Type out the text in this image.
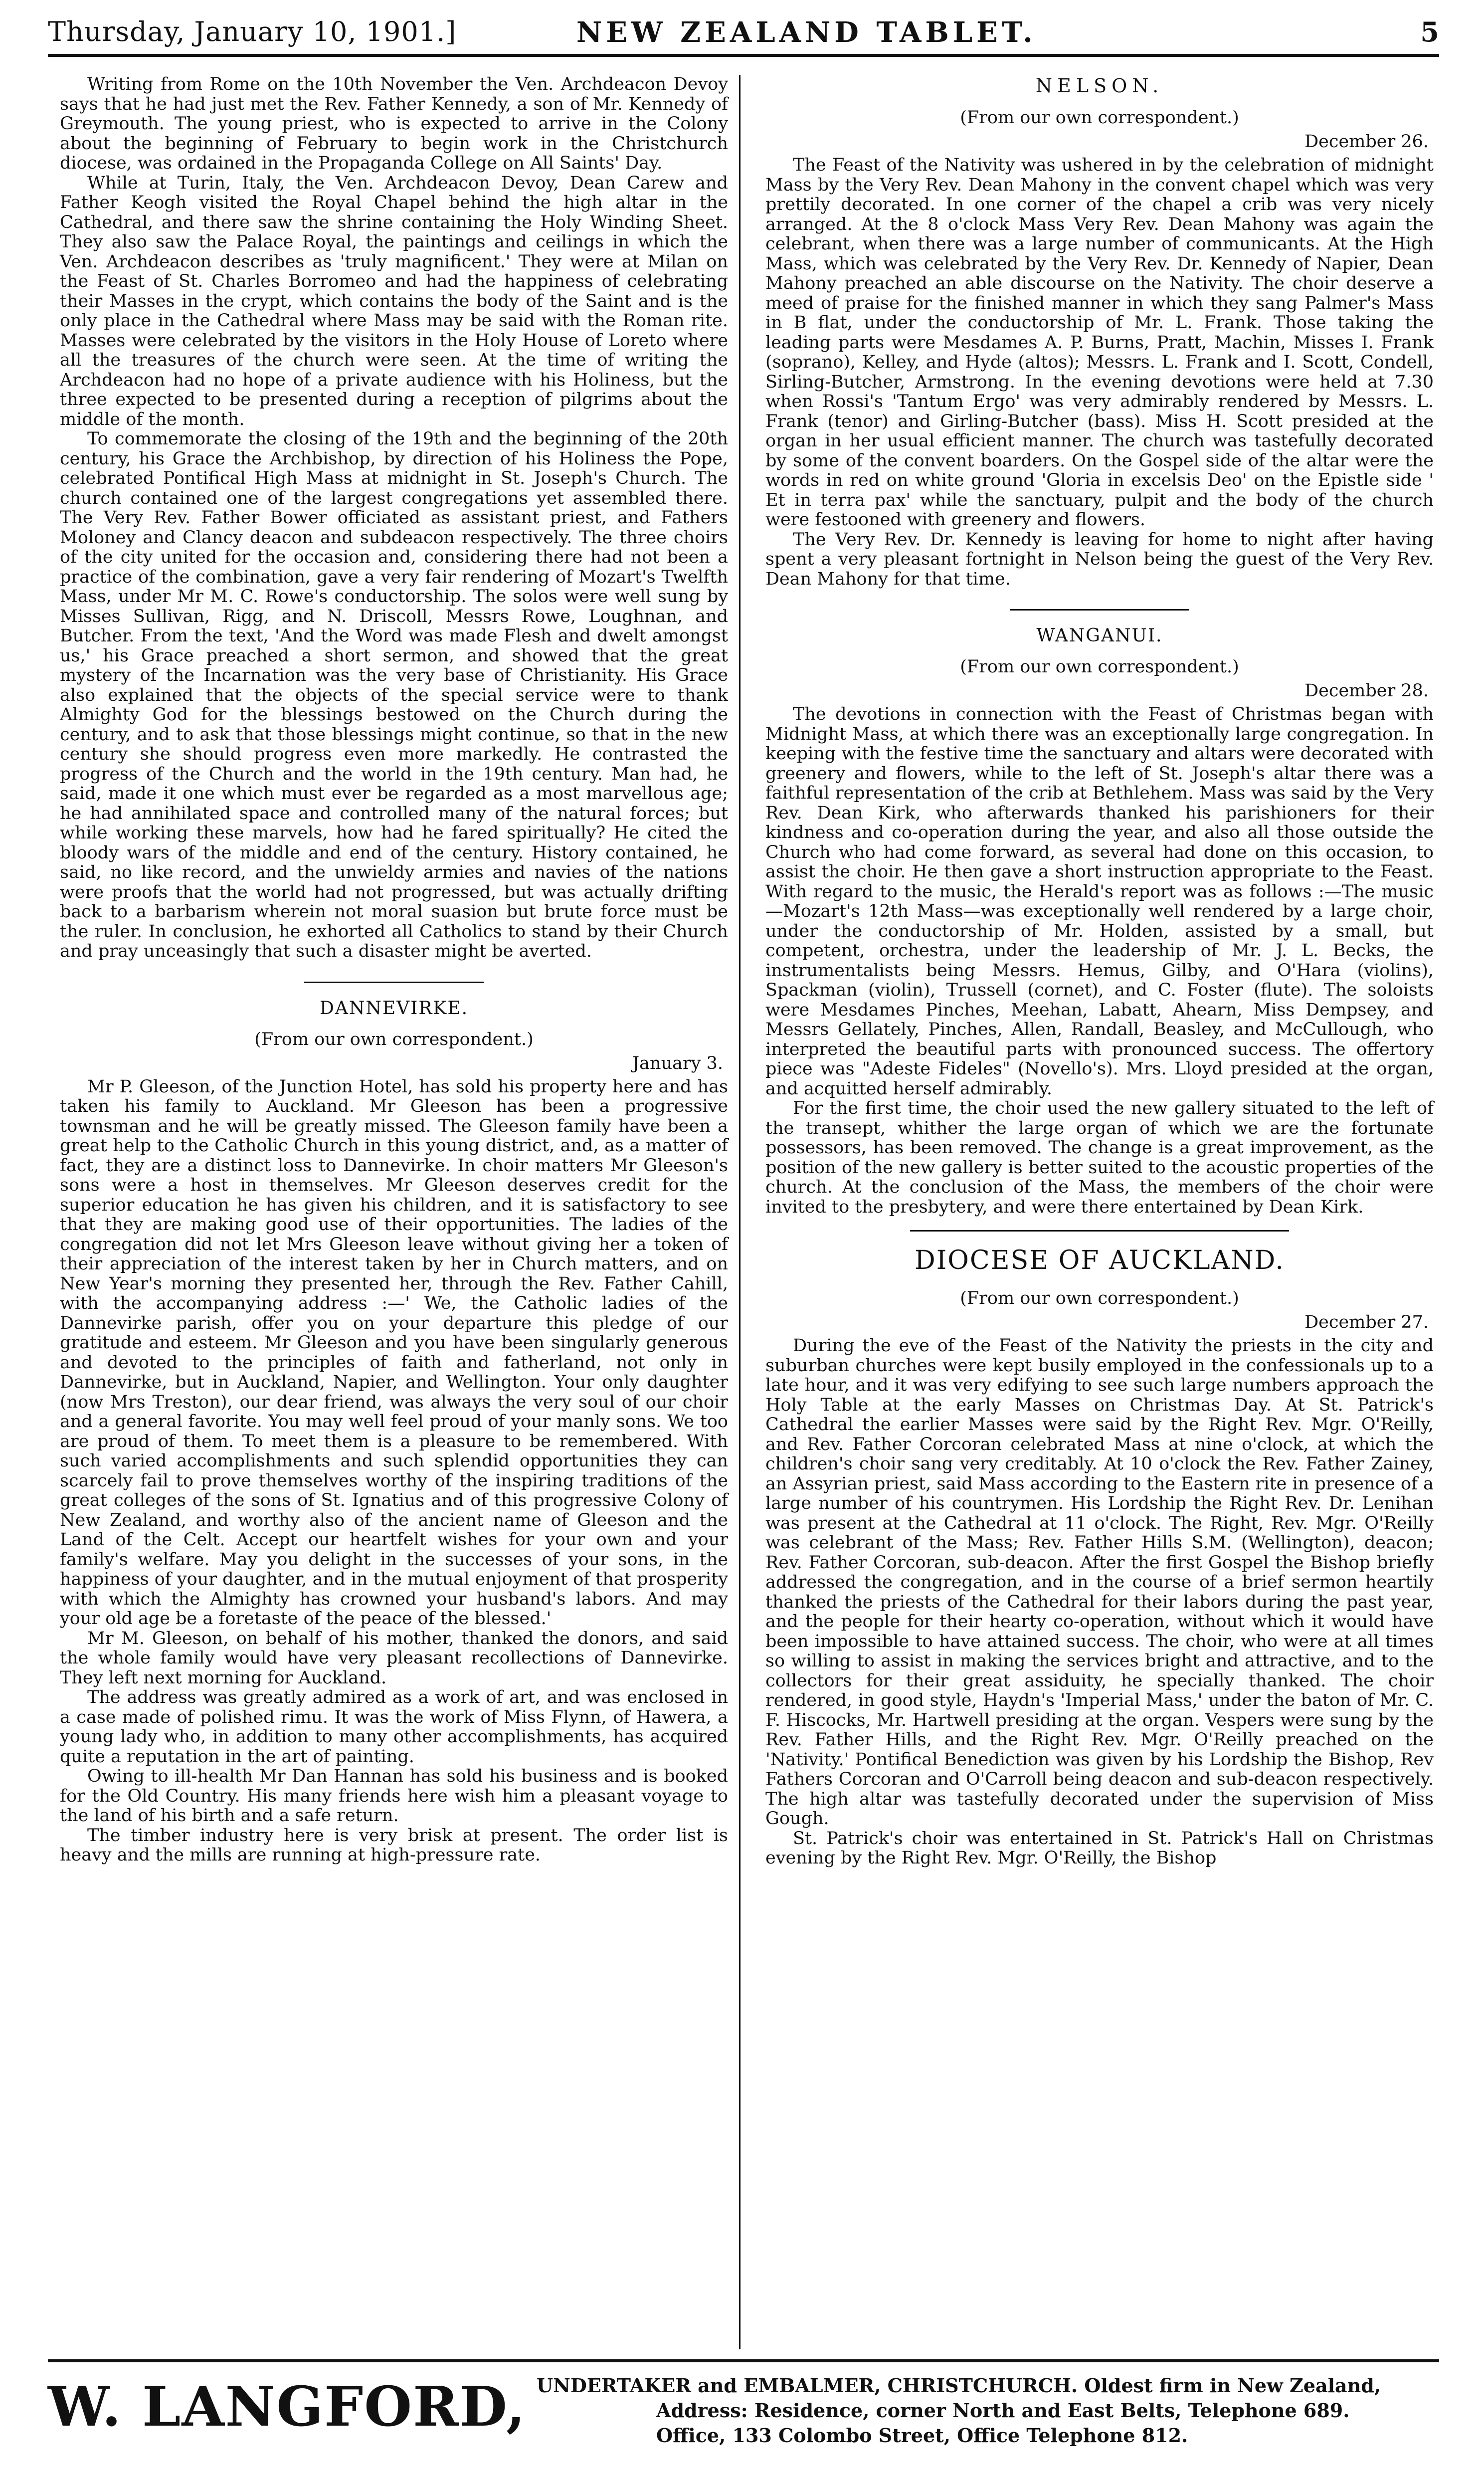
Thursday, January 10, 1901.]	NEW ZEALAND TABLET.	5

Writing from Rome on the 10th November the Ven. Archdeacon Devoy says that he had just met the Rev. Father Kennedy, a son of Mr. Kennedy of Greymouth. The young priest, who is expected to arrive in the Colony about the beginning of February to begin work in the Christchurch diocese, was ordained in the Propaganda College on All Saints' Day.

While at Turin, Italy, the Ven. Archdeacon Devoy, Dean Carew and Father Keogh visited the Royal Chapel behind the high altar in the Cathedral, and there saw the shrine containing the Holy Winding Sheet. They also saw the Palace Royal, the paintings and ceilings in which the Ven. Archdeacon describes as 'truly magnificent.' They were at Milan on the Feast of St. Charles Borromeo and had the happiness of celebrating their Masses in the crypt, which contains the body of the Saint and is the only place in the Cathedral where Mass may be said with the Roman rite. Masses were celebrated by the visitors in the Holy House of Loreto where all the treasures of the church were seen. At the time of writing the Archdeacon had no hope of a private audience with his Holiness, but the three expected to be presented during a reception of pilgrims about the middle of the month.

To commemorate the closing of the 19th and the beginning of the 20th century, his Grace the Archbishop, by direction of his Holiness the Pope, celebrated Pontifical High Mass at midnight in St. Joseph's Church. The church contained one of the largest congregations yet assembled there. The Very Rev. Father Bower officiated as assistant priest, and Fathers Moloney and Clancy deacon and subdeacon respectively. The three choirs of the city united for the occasion and, considering there had not been a practice of the combination, gave a very fair rendering of Mozart's Twelfth Mass, under Mr M. C. Rowe's conductorship. The solos were well sung by Misses Sullivan, Rigg, and N. Driscoll, Messrs Rowe, Loughnan, and Butcher. From the text, 'And the Word was made Flesh and dwelt amongst us,' his Grace preached a short sermon, and showed that the great mystery of the Incarnation was the very base of Christianity. His Grace also explained that the objects of the special service were to thank Almighty God for the blessings bestowed on the Church during the century, and to ask that those blessings might continue, so that in the new century she should progress even more markedly. He contrasted the progress of the Church and the world in the 19th century. Man had, he said, made it one which must ever be regarded as a most marvellous age; he had annihilated space and controlled many of the natural forces; but while working these marvels, how had he fared spiritually? He cited the bloody wars of the middle and end of the century. History contained, he said, no like record, and the unwieldy armies and navies of the nations were proofs that the world had not progressed, but was actually drifting back to a barbarism wherein not moral suasion but brute force must be the ruler. In conclusion, he exhorted all Catholics to stand by their Church and pray unceasingly that such a disaster might be averted.

DANNEVIRKE.
(From our own correspondent.)
January 3.

Mr P. Gleeson, of the Junction Hotel, has sold his property here and has taken his family to Auckland. Mr Gleeson has been a progressive townsman and he will be greatly missed. The Gleeson family have been a great help to the Catholic Church in this young district, and, as a matter of fact, they are a distinct loss to Dannevirke. In choir matters Mr Gleeson's sons were a host in themselves. Mr Gleeson deserves credit for the superior education he has given his children, and it is satisfactory to see that they are making good use of their opportunities. The ladies of the congregation did not let Mrs Gleeson leave without giving her a token of their appreciation of the interest taken by her in Church matters, and on New Year's morning they presented her, through the Rev. Father Cahill, with the accompanying address :—' We, the Catholic ladies of the Dannevirke parish, offer you on your departure this pledge of our gratitude and esteem. Mr Gleeson and you have been singularly generous and devoted to the principles of faith and fatherland, not only in Dannevirke, but in Auckland, Napier, and Wellington. Your only daughter (now Mrs Treston), our dear friend, was always the very soul of our choir and a general favorite. You may well feel proud of your manly sons. We too are proud of them. To meet them is a pleasure to be remembered. With such varied accomplishments and such splendid opportunities they can scarcely fail to prove themselves worthy of the inspiring traditions of the great colleges of the sons of St. Ignatius and of this progressive Colony of New Zealand, and worthy also of the ancient name of Gleeson and the Land of the Celt. Accept our heartfelt wishes for your own and your family's welfare. May you delight in the successes of your sons, in the happiness of your daughter, and in the mutual enjoyment of that prosperity with which the Almighty has crowned your husband's labors. And may your old age be a foretaste of the peace of the blessed.'

Mr M. Gleeson, on behalf of his mother, thanked the donors, and said the whole family would have very pleasant recollections of Dannevirke. They left next morning for Auckland.

The address was greatly admired as a work of art, and was enclosed in a case made of polished rimu. It was the work of Miss Flynn, of Hawera, a young lady who, in addition to many other accomplishments, has acquired quite a reputation in the art of painting.

Owing to ill-health Mr Dan Hannan has sold his business and is booked for the Old Country. His many friends here wish him a pleasant voyage to the land of his birth and a safe return.

The timber industry here is very brisk at present. The order list is heavy and the mills are running at high-pressure rate.

NELSON.
(From our own correspondent.)
December 26.

The Feast of the Nativity was ushered in by the celebration of midnight Mass by the Very Rev. Dean Mahony in the convent chapel which was very prettily decorated. In one corner of the chapel a crib was very nicely arranged. At the 8 o'clock Mass Very Rev. Dean Mahony was again the celebrant, when there was a large number of communicants. At the High Mass, which was celebrated by the Very Rev. Dr. Kennedy of Napier, Dean Mahony preached an able discourse on the Nativity. The choir deserve a meed of praise for the finished manner in which they sang Palmer's Mass in B flat, under the conductorship of Mr. L. Frank. Those taking the leading parts were Mesdames A. P. Burns, Pratt, Machin, Misses I. Frank (soprano), Kelley, and Hyde (altos); Messrs. L. Frank and I. Scott, Condell, Sirling-Butcher, Armstrong. In the evening devotions were held at 7.30 when Rossi's 'Tantum Ergo' was very admirably rendered by Messrs. L. Frank (tenor) and Girling-Butcher (bass). Miss H. Scott presided at the organ in her usual efficient manner. The church was tastefully decorated by some of the convent boarders. On the Gospel side of the altar were the words in red on white ground 'Gloria in excelsis Deo' on the Epistle side ' Et in terra pax' while the sanctuary, pulpit and the body of the church were festooned with greenery and flowers.

The Very Rev. Dr. Kennedy is leaving for home to night after having spent a very pleasant fortnight in Nelson being the guest of the Very Rev. Dean Mahony for that time.

WANGANUI.
(From our own correspondent.)
December 28.

The devotions in connection with the Feast of Christmas began with Midnight Mass, at which there was an exceptionally large congregation. In keeping with the festive time the sanctuary and altars were decorated with greenery and flowers, while to the left of St. Joseph's altar there was a faithful representation of the crib at Bethlehem. Mass was said by the Very Rev. Dean Kirk, who afterwards thanked his parishioners for their kindness and co-operation during the year, and also all those outside the Church who had come forward, as several had done on this occasion, to assist the choir. He then gave a short instruction appropriate to the Feast. With regard to the music, the Herald's report was as follows :—The music—Mozart's 12th Mass—was exceptionally well rendered by a large choir, under the conductorship of Mr. Holden, assisted by a small, but competent, orchestra, under the leadership of Mr. J. L. Becks, the instrumentalists being Messrs. Hemus, Gilby, and O'Hara (violins), Spackman (violin), Trussell (cornet), and C. Foster (flute). The soloists were Mesdames Pinches, Meehan, Labatt, Ahearn, Miss Dempsey, and Messrs Gellately, Pinches, Allen, Randall, Beasley, and McCullough, who interpreted the beautiful parts with pronounced success. The offertory piece was "Adeste Fideles" (Novello's). Mrs. Lloyd presided at the organ, and acquitted herself admirably.

For the first time, the choir used the new gallery situated to the left of the transept, whither the large organ of which we are the fortunate possessors, has been removed. The change is a great improvement, as the position of the new gallery is better suited to the acoustic properties of the church. At the conclusion of the Mass, the members of the choir were invited to the presbytery, and were there entertained by Dean Kirk.

DIOCESE OF AUCKLAND.
(From our own correspondent.)
December 27.

During the eve of the Feast of the Nativity the priests in the city and suburban churches were kept busily employed in the confessionals up to a late hour, and it was very edifying to see such large numbers approach the Holy Table at the early Masses on Christmas Day. At St. Patrick's Cathedral the earlier Masses were said by the Right Rev. Mgr. O'Reilly, and Rev. Father Corcoran celebrated Mass at nine o'clock, at which the children's choir sang very creditably. At 10 o'clock the Rev. Father Zainey, an Assyrian priest, said Mass according to the Eastern rite in presence of a large number of his countrymen. His Lordship the Right Rev. Dr. Lenihan was present at the Cathedral at 11 o'clock. The Right, Rev. Mgr. O'Reilly was celebrant of the Mass; Rev. Father Hills S.M. (Wellington), deacon; Rev. Father Corcoran, sub-deacon. After the first Gospel the Bishop briefly addressed the congregation, and in the course of a brief sermon heartily thanked the priests of the Cathedral for their labors during the past year, and the people for their hearty co-operation, without which it would have been impossible to have attained success. The choir, who were at all times so willing to assist in making the services bright and attractive, and to the collectors for their great assiduity, he specially thanked. The choir rendered, in good style, Haydn's 'Imperial Mass,' under the baton of Mr. C. F. Hiscocks, Mr. Hartwell presiding at the organ. Vespers were sung by the Rev. Father Hills, and the Right Rev. Mgr. O'Reilly preached on the 'Nativity.' Pontifical Benediction was given by his Lordship the Bishop, Rev Fathers Corcoran and O'Carroll being deacon and sub-deacon respectively. The high altar was tastefully decorated under the supervision of Miss Gough.

St. Patrick's choir was entertained in St. Patrick's Hall on Christmas evening by the Right Rev. Mgr. O'Reilly, the Bishop

W. LANGFORD, UNDERTAKER and EMBALMER, CHRISTCHURCH. Oldest firm in New Zealand,
Address: Residence, corner North and East Belts, Telephone 689.
Office, 133 Colombo Street, Office Telephone 812.
